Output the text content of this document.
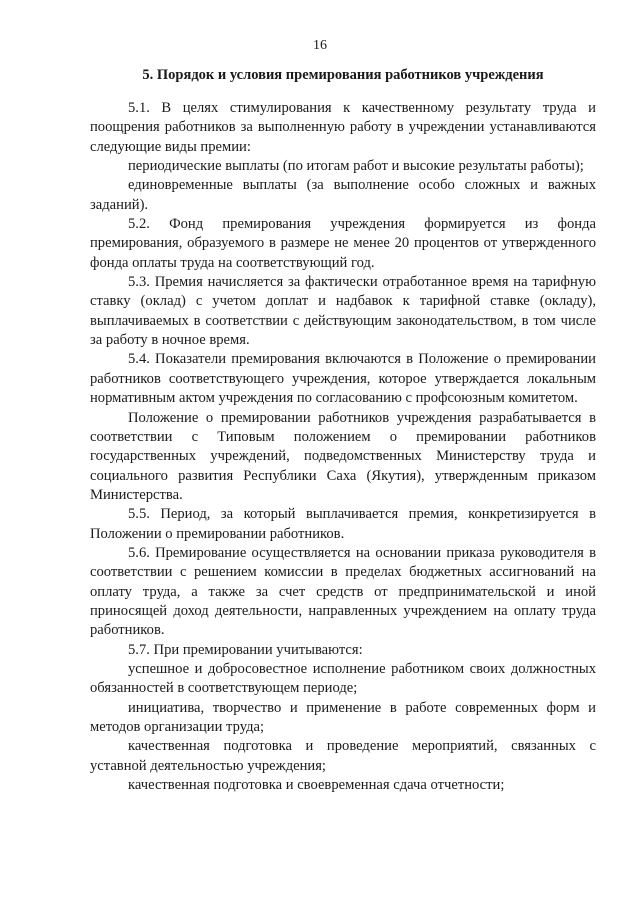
16
5. Порядок и условия премирования работников учреждения

5.1. В целях стимулирования к качественному результату труда и поощрения работников за выполненную работу в учреждении устанавливаются следующие виды премии:

периодические выплаты (по итогам работ и высокие результаты работы);

единовременные выплаты (за выполнение особо сложных и важных заданий).

5.2. Фонд премирования учреждения формируется из фонда премирования, образуемого в размере не менее 20 процентов от утвержденного фонда оплаты труда на соответствующий год.

5.3. Премия начисляется за фактически отработанное время на тарифную ставку (оклад) с учетом доплат и надбавок к тарифной ставке (окладу), выплачиваемых в соответствии с действующим законодательством, в том числе за работу в ночное время.

5.4. Показатели премирования включаются в Положение о премировании работников соответствующего учреждения, которое утверждается локальным нормативным актом учреждения по согласованию с профсоюзным комитетом.

Положение о премировании работников учреждения разрабатывается в соответствии с Типовым положением о премировании работников государственных учреждений, подведомственных Министерству труда и социального развития Республики Саха (Якутия), утвержденным приказом Министерства.

5.5. Период, за который выплачивается премия, конкретизируется в Положении о премировании работников.

5.6. Премирование осуществляется на основании приказа руководителя в соответствии с решением комиссии в пределах бюджетных ассигнований на оплату труда, а также за счет средств от предпринимательской и иной приносящей доход деятельности, направленных учреждением на оплату труда работников.

5.7. При премировании учитываются:

успешное и добросовестное исполнение работником своих должностных обязанностей в соответствующем периоде;

инициатива, творчество и применение в работе современных форм и методов организации труда;

качественная подготовка и проведение мероприятий, связанных с уставной деятельностью учреждения;

качественная подготовка и своевременная сдача отчетности;
